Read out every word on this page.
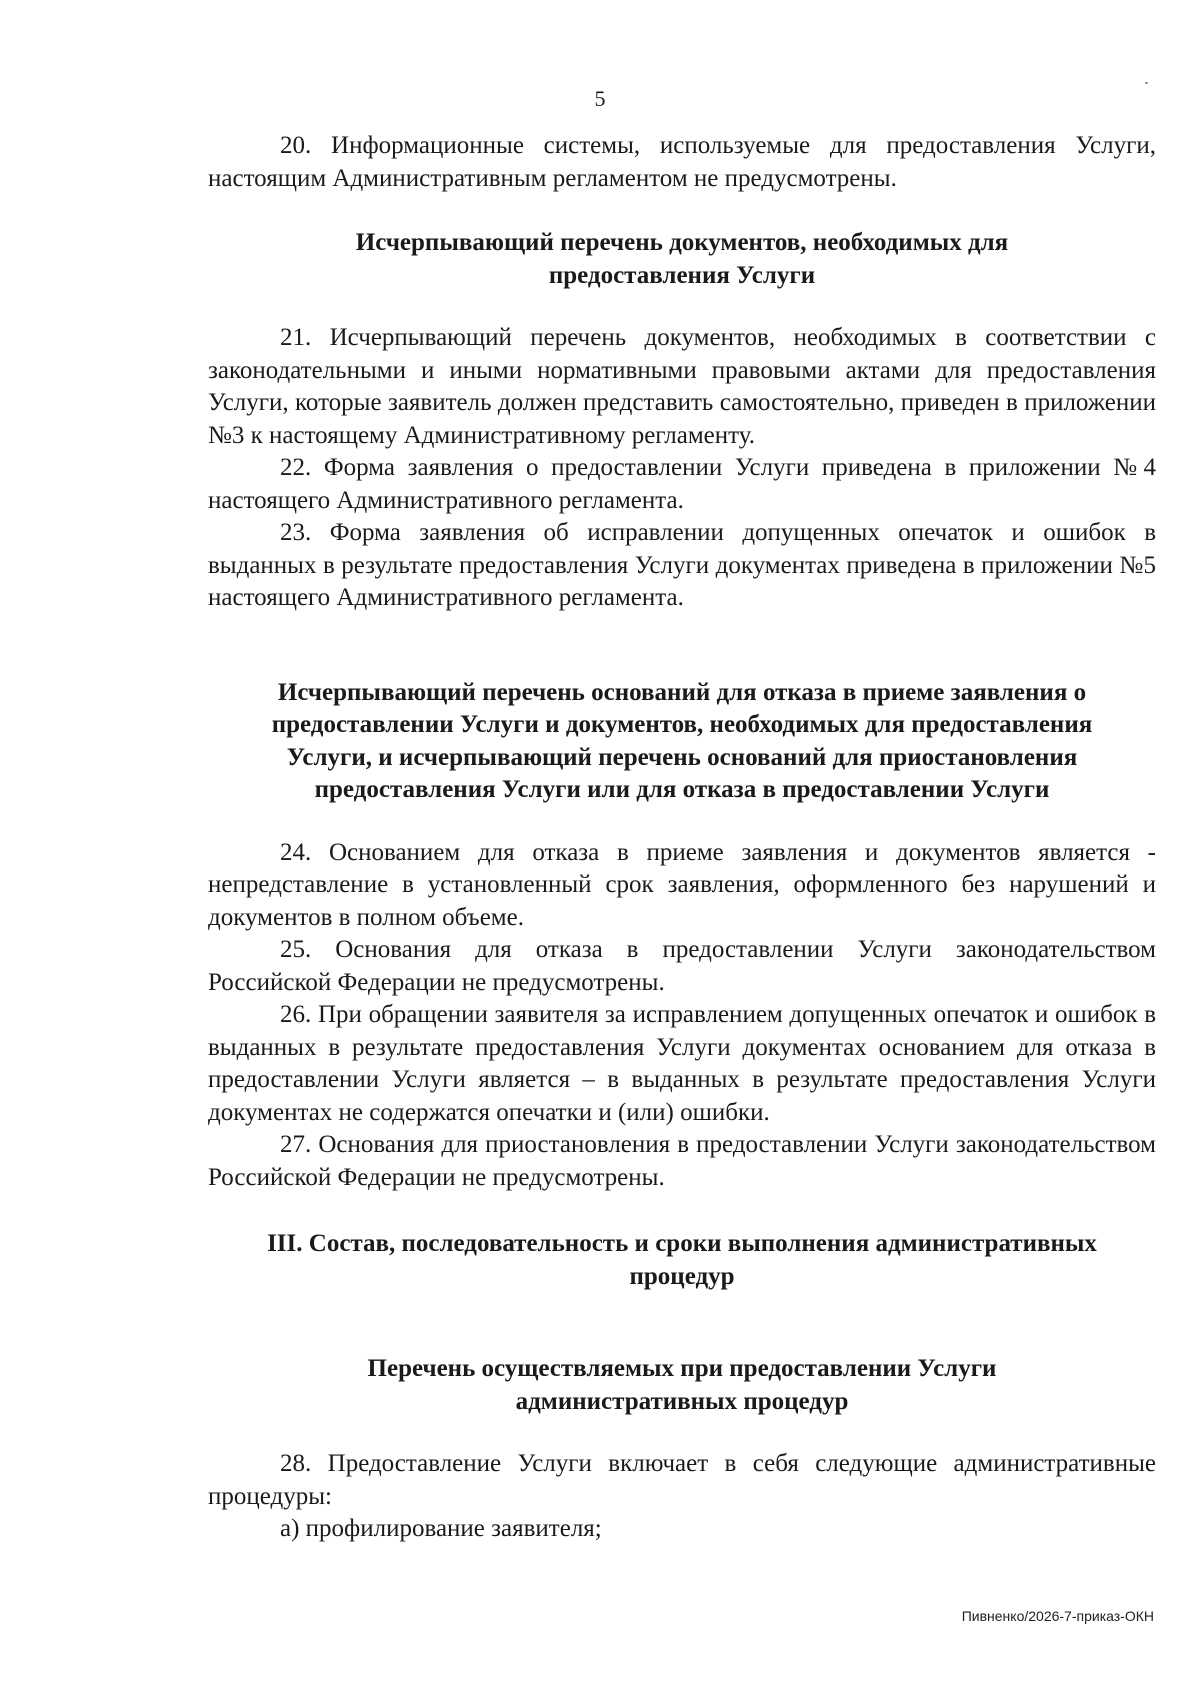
5

20. Информационные системы, используемые для предоставления Услуги, настоящим Административным регламентом не предусмотрены.

Исчерпывающий перечень документов, необходимых для

предоставления Услуги

21. Исчерпывающий перечень документов, необходимых в соответствии с законодательными и иными нормативными правовыми актами для предоставления Услуги, которые заявитель должен представить самостоятельно, приведен в приложении №3 к настоящему Административному регламенту.

22. Форма заявления о предоставлении Услуги приведена в приложении №4 настоящего Административного регламента.

23. Форма заявления об исправлении допущенных опечаток и ошибок в выданных в результате предоставления Услуги документах приведена в приложении №5 настоящего Административного регламента.

Исчерпывающий перечень оснований для отказа в приеме заявления о

предоставлении Услуги и документов, необходимых для предоставления

Услуги, и исчерпывающий перечень оснований для приостановления

предоставления Услуги или для отказа в предоставлении Услуги

24. Основанием для отказа в приеме заявления и документов является - непредставление в установленный срок заявления, оформленного без нарушений и документов в полном объеме.

25. Основания для отказа в предоставлении Услуги законодательством Российской Федерации не предусмотрены.

26. При обращении заявителя за исправлением допущенных опечаток и ошибок в выданных в результате предоставления Услуги документах основанием для отказа в предоставлении Услуги является – в выданных в результате предоставления Услуги документах не содержатся опечатки и (или) ошибки.

27. Основания для приостановления в предоставлении Услуги законодательством Российской Федерации не предусмотрены.

III. Состав, последовательность и сроки выполнения административных

процедур

Перечень осуществляемых при предоставлении Услуги

административных процедур

28. Предоставление Услуги включает в себя следующие административные процедуры:

а) профилирование заявителя;

Пивненко/2026-7-приказ-ОКН
